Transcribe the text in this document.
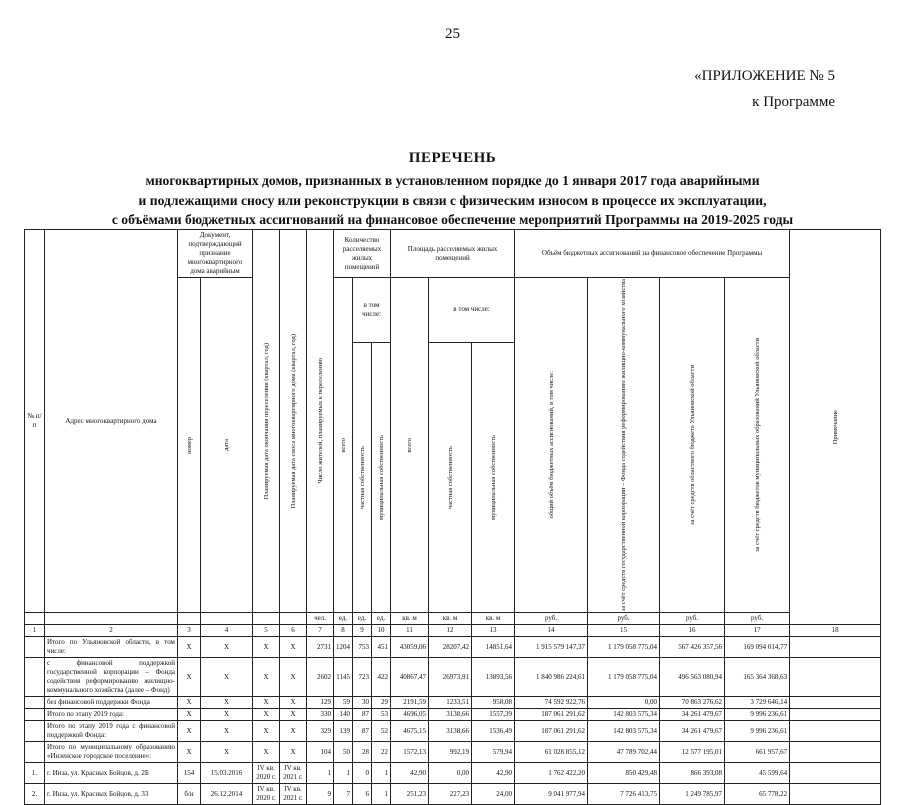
25
«ПРИЛОЖЕНИЕ № 5
к Программе
ПЕРЕЧЕНЬ
многоквартирных домов, признанных в установленном порядке до 1 января 2017 года аварийными
и подлежащими сносу или реконструкции в связи с физическим износом в процессе их эксплуатации,
с объёмами бюджетных ассигнований на финансовое обеспечение мероприятий Программы на 2019-2025 годы
№ п/п	Адрес многоквартирного дома	Документ, подтверждающий признание многоквартирного дома аварийным		Планируемая дата окончания переселения (квартал, год)	Планируемая дата сноса многоквартирного дома (квартал, год)	Число жителей, планируемых к переселению	Количество расселяемых жилых помещений			Площадь расселяемых жилых помещений			Объём бюджетных ассигнований на финансовое обеспечение Программы				Примечание

		номер	дата				всего	в том числе:		всего	в том числе:		общий объём бюджетных ассигнований, в том числе:	за счёт средств государственной корпорации – Фонда содействия реформированию жилищно-коммунального хозяйства	за счёт средств областного бюджета Ульяновской области	за счёт средств бюджетов муниципальных образований Ульяновской области	

								частная собственность	муниципальная собственность		частная собственность	муниципальная собственность					

						чел.	ед.	ед.	ед.	кв. м	кв. м	кв. м	руб.	руб.	руб.	руб.	
1	2	3	4	5	6	7	8	9	10	11	12	13	14	15	16	17	18
	Итого по Ульяновской области, в том числе:	X	X	X	X	2731	1204	753	451	43059,06	28207,42	14851,64	1 915 579 147,37	1 179 058 775,04	567 426 357,56	169 094 014,77	
	с финансовой поддержкой государственной корпорации – Фонда содействия реформированию жилищно-коммунального хозяйства (далее – Фонд)	X	X	X	X	2602	1145	723	422	40867,47	26973,91	13893,56	1 840 986 224,61	1 179 058 775,04	496 563 080,94	165 364 368,63	
	без финансовой поддержки Фонда	X	X	X	X	129	59	30	29	2191,59	1233,51	958,08	74 592 922,76	0,00	70 863 276,62	3 729 646,14	
	Итого по этапу 2019 года:	X	X	X	X	330	140	87	53	4696,05	3138,66	1557,39	187 061 291,62	142 803 575,34	34 261 479,67	9 996 236,61	
	Итого по этапу 2019 года с финансовой поддержкой Фонда:	X	X	X	X	329	139	87	52	4675,15	3138,66	1536,49	187 061 291,62	142 803 575,34	34 261 479,67	9 996 236,61	
	Итого по муниципальному образованию «Инзенское городское поселение»:	X	X	X	X	104	50	28	22	1572,13	992,19	579,94	61 028 855,12	47 789 702,44	12 577 195,01	661 957,67	
1.	г. Инза, ул. Красных Бойцов, д. 2Б	154	15.03.2016	IV кв. 2020 г.	IV кв. 2021 г.	1	1	0	1	42,90	0,00	42,90	1 762 422,20	850 429,48	866 393,08	45 599,64	
2.	г. Инза, ул. Красных Бойцов, д. 33	б/н	26.12.2014	IV кв. 2020 г.	IV кв. 2021 г.	9	7	6	1	251,23	227,23	24,00	9 041 977,94	7 726 413,75	1 249 785,97	65 778,22	
